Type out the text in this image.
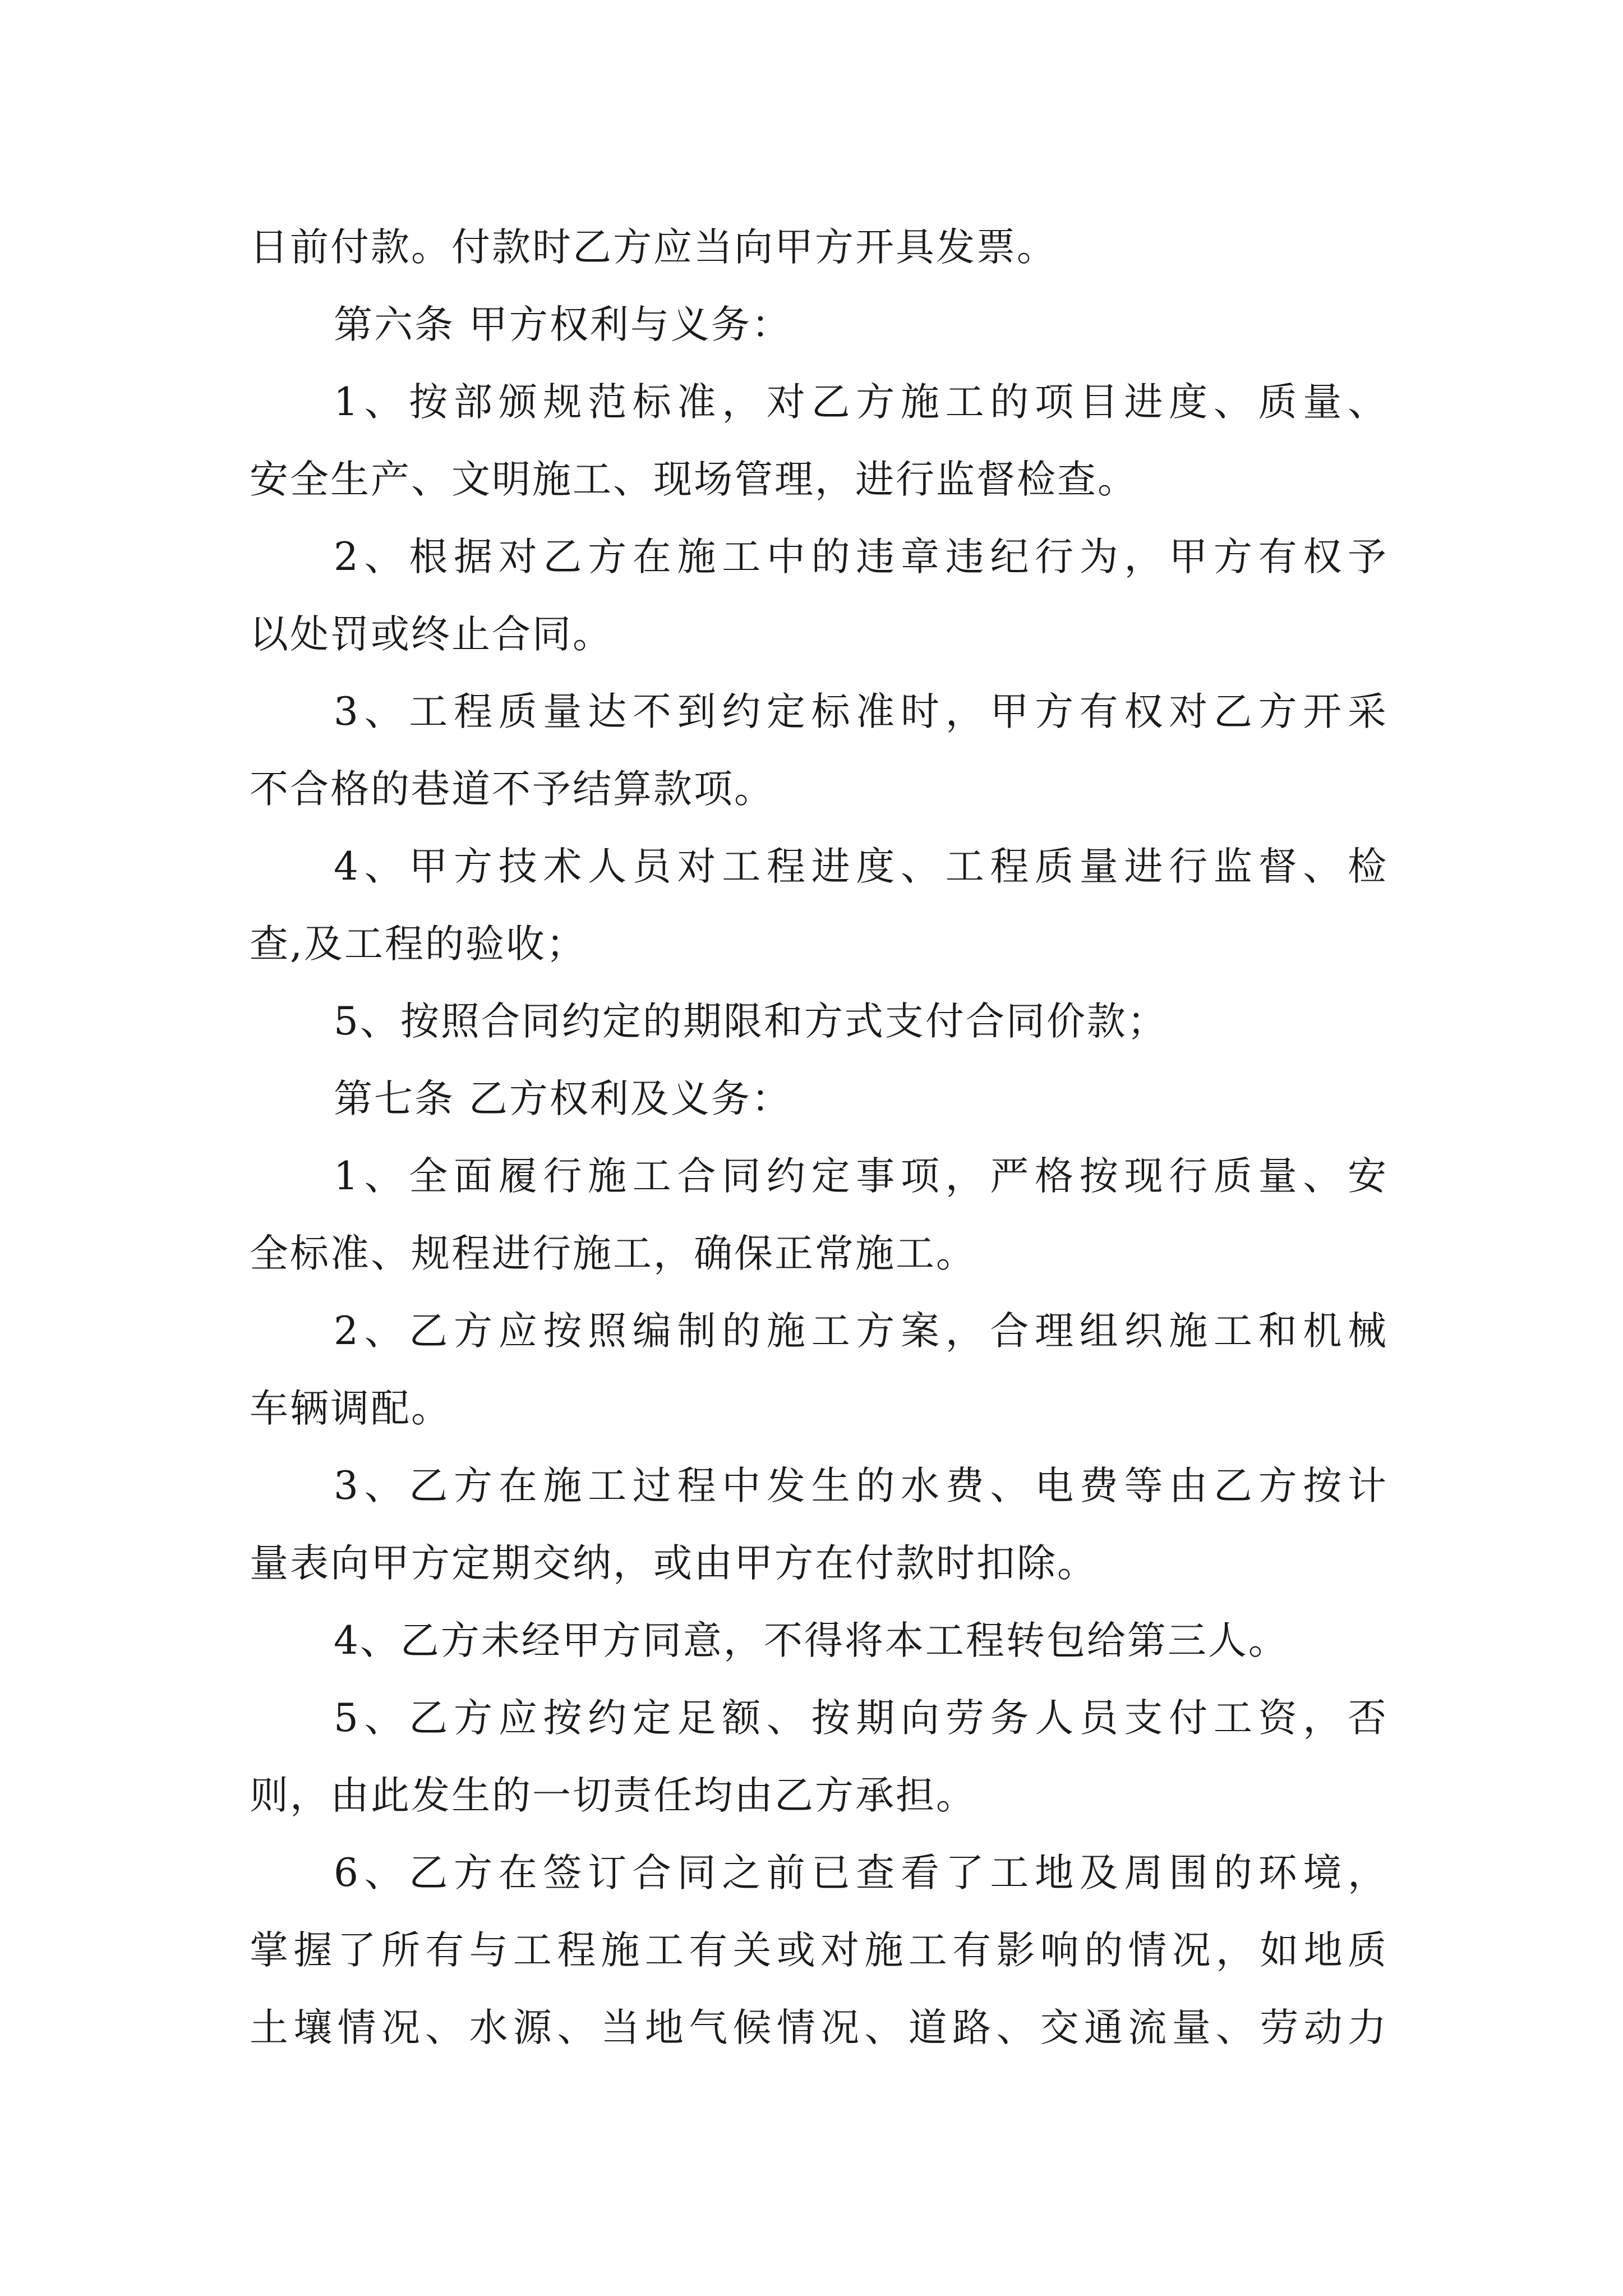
日前付款。付款时乙方应当向甲方开具发票。
第六条 甲方权利与义务：
1、按部颁规范标准，对乙方施工的项目进度、质量、
安全生产、文明施工、现场管理，进行监督检查。
2、根据对乙方在施工中的违章违纪行为，甲方有权予
以处罚或终止合同。
3、工程质量达不到约定标准时，甲方有权对乙方开采
不合格的巷道不予结算款项。
4、甲方技术人员对工程进度、工程质量进行监督、检
查,及工程的验收；
5、按照合同约定的期限和方式支付合同价款；
第七条 乙方权利及义务：
1、全面履行施工合同约定事项，严格按现行质量、安
全标准、规程进行施工，确保正常施工。
2、乙方应按照编制的施工方案，合理组织施工和机械
车辆调配。
3、乙方在施工过程中发生的水费、电费等由乙方按计
量表向甲方定期交纳，或由甲方在付款时扣除。
4、乙方未经甲方同意，不得将本工程转包给第三人。
5、乙方应按约定足额、按期向劳务人员支付工资，否
则，由此发生的一切责任均由乙方承担。
6、乙方在签订合同之前已查看了工地及周围的环境，
掌握了所有与工程施工有关或对施工有影响的情况，如地质
土壤情况、水源、当地气候情况、道路、交通流量、劳动力
